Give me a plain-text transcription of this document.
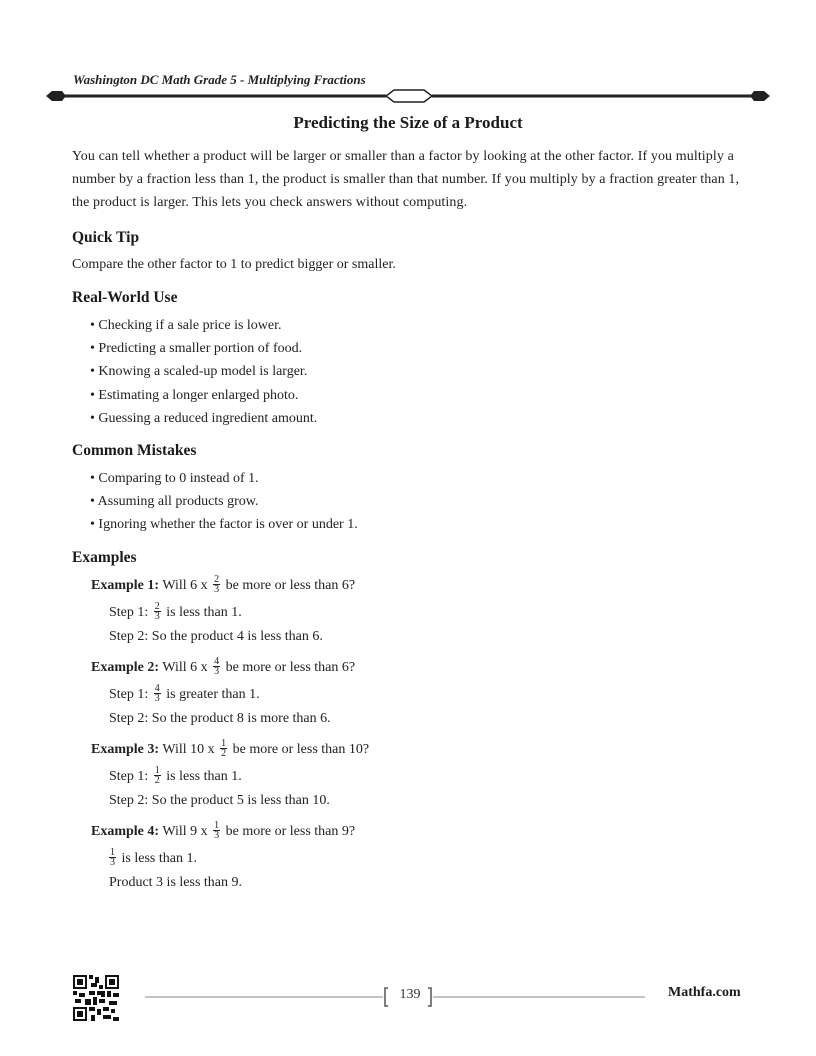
Washington DC Math Grade 5 - Multiplying Fractions
Predicting the Size of a Product

You can tell whether a product will be larger or smaller than a factor by looking at the other factor. If you multiply a number by a fraction less than 1, the product is smaller than that number. If you multiply by a fraction greater than 1, the product is larger. This lets you check answers without computing.

Quick Tip

Compare the other factor to 1 to predict bigger or smaller.

Real-World Use
• Checking if a sale price is lower.
• Predicting a smaller portion of food.
• Knowing a scaled-up model is larger.
• Estimating a longer enlarged photo.
• Guessing a reduced ingredient amount.
Common Mistakes
• Comparing to 0 instead of 1.
• Assuming all products grow.
• Ignoring whether the factor is over or under 1.
Examples
Example 1: Will 6 x $\frac{2}{3}$ be more or less than 6?
Step 1: $\frac{2}{3}$ is less than 1.
Step 2: So the product 4 is less than 6.
Example 2: Will 6 x $\frac{4}{3}$ be more or less than 6?
Step 1: $\frac{4}{3}$ is greater than 1.
Step 2: So the product 8 is more than 6.
Example 3: Will 10 x $\frac{1}{2}$ be more or less than 10?
Step 1: $\frac{1}{2}$ is less than 1.
Step 2: So the product 5 is less than 10.
Example 4: Will 9 x $\frac{1}{3}$ be more or less than 9?
$\frac{1}{3}$ is less than 1.
Product 3 is less than 9.
139	Mathfa.com
